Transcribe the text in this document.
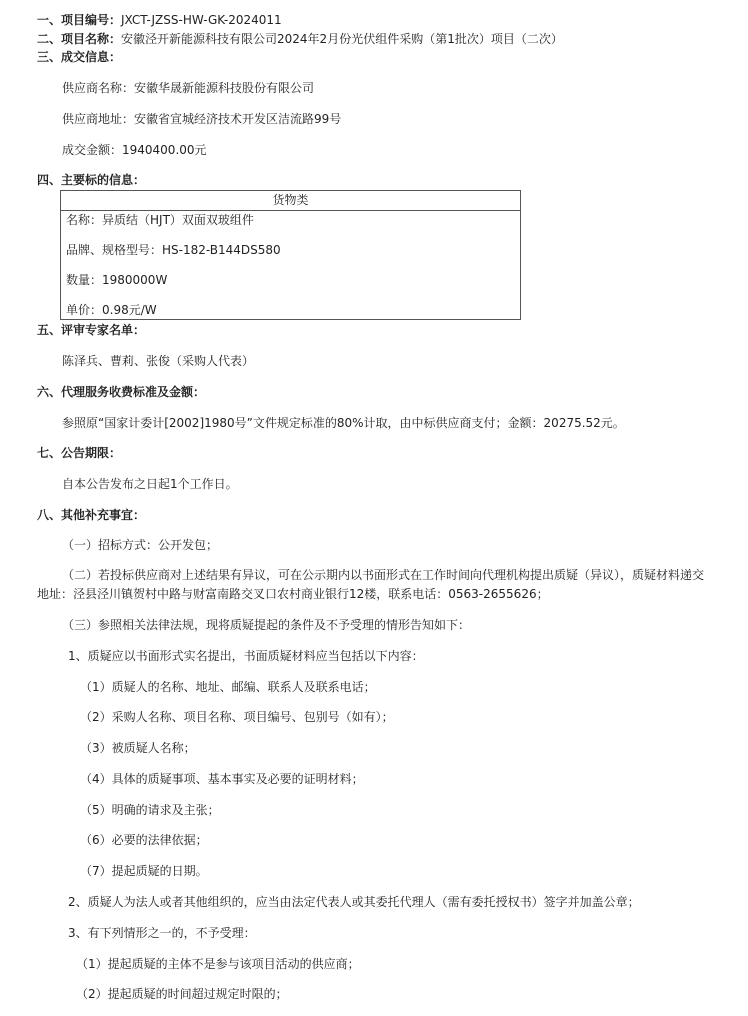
一、项目编号：JXCT-JZSS-HW-GK-2024011
二、项目名称：安徽泾开新能源科技有限公司2024年2月份光伏组件采购（第1批次）项目（二次）
三、成交信息：
供应商名称：安徽华晟新能源科技股份有限公司
供应商地址：安徽省宣城经济技术开发区洁流路99号
成交金额：1940400.00元
四、主要标的信息：
货物类
名称：异质结（HJT）双面双玻组件
品牌、规格型号：HS-182-B144DS580
数量：1980000W
单价：0.98元/W
五、评审专家名单：
陈泽兵、曹莉、张俊（采购人代表）
六、代理服务收费标准及金额：
参照原“国家计委计[2002]1980号”文件规定标准的80%计取，由中标供应商支付；金额：20275.52元。
七、公告期限：
自本公告发布之日起1个工作日。
八、其他补充事宜：
（一）招标方式：公开发包；
（二）若投标供应商对上述结果有异议，可在公示期内以书面形式在工作时间向代理机构提出质疑（异议），质疑材料递交地址：泾县泾川镇贺村中路与财富南路交叉口农村商业银行12楼，联系电话：0563-2655626；
（三）参照相关法律法规，现将质疑提起的条件及不予受理的情形告知如下：
1、质疑应以书面形式实名提出，书面质疑材料应当包括以下内容：
（1）质疑人的名称、地址、邮编、联系人及联系电话；
（2）采购人名称、项目名称、项目编号、包别号（如有）；
（3）被质疑人名称；
（4）具体的质疑事项、基本事实及必要的证明材料；
（5）明确的请求及主张；
（6）必要的法律依据；
（7）提起质疑的日期。
2、质疑人为法人或者其他组织的，应当由法定代表人或其委托代理人（需有委托授权书）签字并加盖公章；
3、有下列情形之一的，不予受理：
（1）提起质疑的主体不是参与该项目活动的供应商；
（2）提起质疑的时间超过规定时限的；
